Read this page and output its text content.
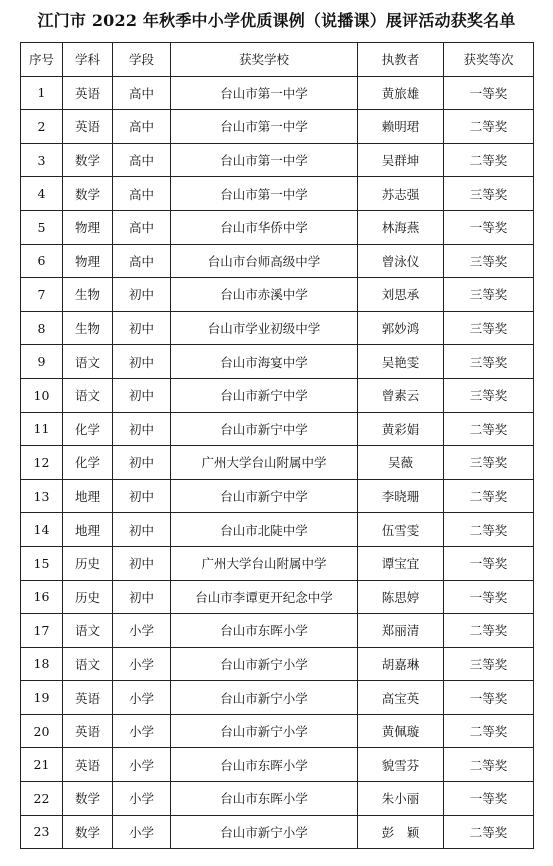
江门市 2022 年秋季中小学优质课例（说播课）展评活动获奖名单
序号	学科	学段	获奖学校	执教者	获奖等次
1	英语	高中	台山市第一中学	黄旅雄	一等奖
2	英语	高中	台山市第一中学	赖明珺	二等奖
3	数学	高中	台山市第一中学	吴群坤	二等奖
4	数学	高中	台山市第一中学	苏志强	三等奖
5	物理	高中	台山市华侨中学	林海燕	一等奖
6	物理	高中	台山市台师高级中学	曾泳仪	三等奖
7	生物	初中	台山市赤溪中学	刘思承	三等奖
8	生物	初中	台山市学业初级中学	郭妙鸿	三等奖
9	语文	初中	台山市海宴中学	吴艳雯	三等奖
10	语文	初中	台山市新宁中学	曾素云	三等奖
11	化学	初中	台山市新宁中学	黄彩娟	二等奖
12	化学	初中	广州大学台山附属中学	吴薇	三等奖
13	地理	初中	台山市新宁中学	李晓珊	二等奖
14	地理	初中	台山市北陡中学	伍雪雯	二等奖
15	历史	初中	广州大学台山附属中学	谭宝宜	一等奖
16	历史	初中	台山市李谭更开纪念中学	陈思婷	一等奖
17	语文	小学	台山市东晖小学	郑丽清	二等奖
18	语文	小学	台山市新宁小学	胡嘉琳	三等奖
19	英语	小学	台山市新宁小学	高宝英	一等奖
20	英语	小学	台山市新宁小学	黄佩璇	二等奖
21	英语	小学	台山市东晖小学	貌雪芬	二等奖
22	数学	小学	台山市东晖小学	朱小丽	一等奖
23	数学	小学	台山市新宁小学	彭　颖	二等奖
